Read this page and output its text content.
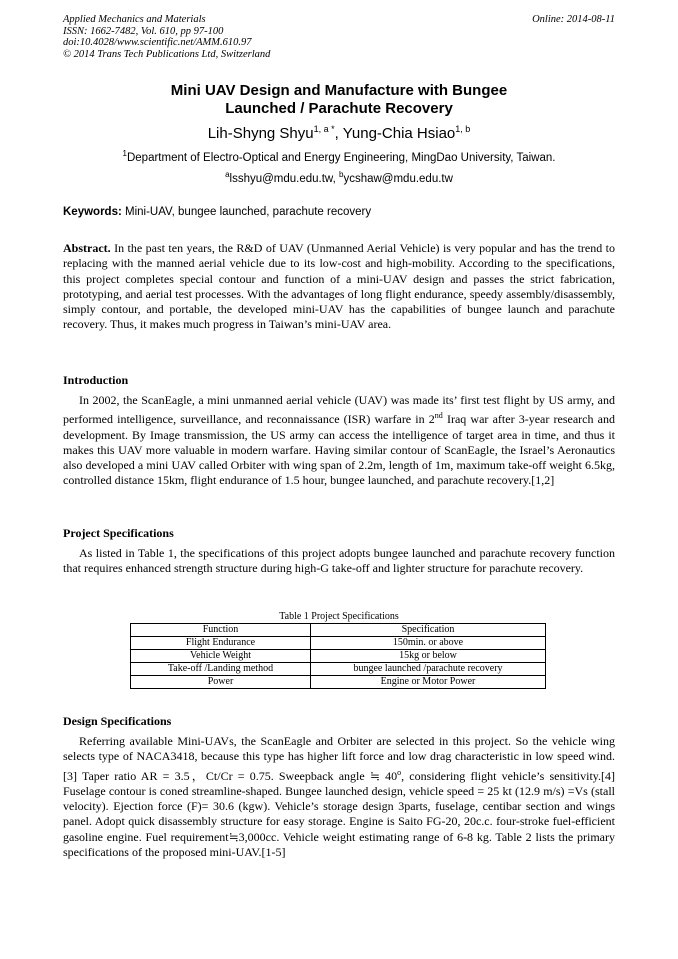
Applied Mechanics and Materials
ISSN: 1662-7482, Vol. 610, pp 97-100
doi:10.4028/www.scientific.net/AMM.610.97
© 2014 Trans Tech Publications Ltd, Switzerland
Online: 2014-08-11
Mini UAV Design and Manufacture with Bungee
Launched / Parachute Recovery
Lih-Shyng Shyu$^{1, a *}$, Yung-Chia Hsiao$^{1, b}$
$^1$Department of Electro-Optical and Energy Engineering, MingDao University, Taiwan.
$^a$lsshyu@mdu.edu.tw, $^b$ycshaw@mdu.edu.tw
Keywords: Mini-UAV, bungee launched, parachute recovery

Abstract. In the past ten years, the R&D of UAV (Unmanned Aerial Vehicle) is very popular and has the trend to replacing with the manned aerial vehicle due to its low-cost and high-mobility. According to the specifications, this project completes special contour and function of a mini-UAV design and passes the strict fabrication, prototyping, and aerial test processes. With the advantages of long flight endurance, speedy assembly/disassembly, simply contour, and portable, the developed mini-UAV has the capabilities of bungee launch and parachute recovery. Thus, it makes much progress in Taiwan’s mini-UAV area.

Introduction

In 2002, the ScanEagle, a mini unmanned aerial vehicle (UAV) was made its’ first test flight by US army, and performed intelligence, surveillance, and reconnaissance (ISR) warfare in 2nd Iraq war after 3-year research and development. By Image transmission, the US army can access the intelligence of target area in time, and thus it makes this UAV more valuable in modern warfare. Having similar contour of ScanEagle, the Israel’s Aeronautics also developed a mini UAV called Orbiter with wing span of 2.2m, length of 1m, maximum take-off weight 6.5kg, controlled distance 15km, flight endurance of 1.5 hour, bungee launched, and parachute recovery.[1,2]

Project Specifications

As listed in Table 1, the specifications of this project adopts bungee launched and parachute recovery function that requires enhanced strength structure during high-G take-off and lighter structure for parachute recovery.

Table 1 Project Specifications
Function	Specification
Flight Endurance	150min. or above
Vehicle Weight	15kg or below
Take-off /Landing method	bungee launched /parachute recovery
Power	Engine or Motor Power

Design Specifications

Referring available Mini-UAVs, the ScanEagle and Orbiter are selected in this project. So the vehicle wing selects type of NACA3418, because this type has higher lift force and low drag characteristic in low speed wind.[3] Taper ratio AR = 3.5，Ct/Cr = 0.75. Sweepback angle ≒ 40$^o$, considering flight vehicle’s sensitivity.[4] Fuselage contour is coned streamline-shaped. Bungee launched design, vehicle speed = 25 kt (12.9 m/s) =Vs (stall velocity). Ejection force (F)= 30.6 (kgw). Vehicle’s storage design 3parts, fuselage, centibar section and wings panel. Adopt quick disassembly structure for easy storage. Engine is Saito FG-20, 20c.c. four-stroke fuel-efficient gasoline engine. Fuel requirement≒3,000cc. Vehicle weight estimating range of 6-8 kg. Table 2 lists the primary specifications of the proposed mini-UAV.[1-5]
